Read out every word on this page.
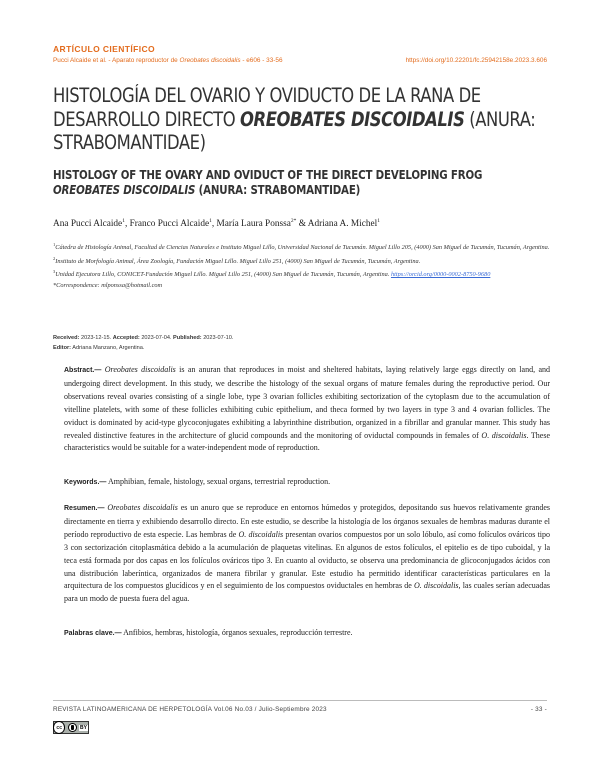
ARTÍCULO CIENTÍFICO
Pucci Alcaide et al. - Aparato reproductor de Oreobates discoidalis - e606 - 33-56	https://doi.org/10.22201/fc.25942158e.2023.3.606
HISTOLOGÍA DEL OVARIO Y OVIDUCTO DE LA RANA DE DESARROLLO DIRECTO OREOBATES DISCOIDALIS (ANURA: STRABOMANTIDAE)
HISTOLOGY OF THE OVARY AND OVIDUCT OF THE DIRECT DEVELOPING FROG OREOBATES DISCOIDALIS (ANURA: STRABOMANTIDAE)
Ana Pucci Alcaide$^1$, Franco Pucci Alcaide$^1$, María Laura Ponssa$^{2*}$ & Adriana A. Michel$^1$

$^1$Cátedra de Histología Animal, Facultad de Ciencias Naturales e Instituto Miguel Lillo, Universidad Nacional de Tucumán. Miguel Lillo 205, (4000) San Miguel de Tucumán, Tucumán, Argentina.

$^2$Instituto de Morfología Animal, Área Zoología, Fundación Miguel Lillo. Miguel Lillo 251, (4000) San Miguel de Tucumán, Tucumán, Argentina.

$^3$Unidad Ejecutora Lillo, CONICET-Fundación Miguel Lillo. Miguel Lillo 251, (4000) San Miguel de Tucumán, Tucumán, Argentina. https://orcid.org/0000-0002-8750-9680

*Correspondence: mlponssa@hotmail.com

Received: 2023-12-15. Accepted: 2023-07-04. Published: 2023-07-10.

Editor: Adriana Manzano, Argentina.

Abstract.— Oreobates discoidalis is an anuran that reproduces in moist and sheltered habitats, laying relatively large eggs directly on land, and undergoing direct development. In this study, we describe the histology of the sexual organs of mature females during the reproductive period. Our observations reveal ovaries consisting of a single lobe, type 3 ovarian follicles exhibiting sectorization of the cytoplasm due to the accumulation of vitelline platelets, with some of these follicles exhibiting cubic epithelium, and theca formed by two layers in type 3 and 4 ovarian follicles. The oviduct is dominated by acid-type glycoconjugates exhibiting a labyrinthine distribution, organized in a fibrillar and granular manner. This study has revealed distinctive features in the architecture of glucid compounds and the monitoring of oviductal compounds in females of O. discoidalis. These characteristics would be suitable for a water-independent mode of reproduction.

Keywords.— Amphibian, female, histology, sexual organs, terrestrial reproduction.

Resumen.— Oreobates discoidalis es un anuro que se reproduce en entornos húmedos y protegidos, depositando sus huevos relativamente grandes directamente en tierra y exhibiendo desarrollo directo. En este estudio, se describe la histología de los órganos sexuales de hembras maduras durante el período reproductivo de esta especie. Las hembras de O. discoidalis presentan ovarios compuestos por un solo lóbulo, así como folículos ováricos tipo 3 con sectorización citoplasmática debido a la acumulación de plaquetas vitelinas. En algunos de estos folículos, el epitelio es de tipo cuboidal, y la teca está formada por dos capas en los folículos ováricos tipo 3. En cuanto al oviducto, se observa una predominancia de glicoconjugados ácidos con una distribución laberíntica, organizados de manera fibrilar y granular. Este estudio ha permitido identificar características particulares en la arquitectura de los compuestos glucídicos y en el seguimiento de los compuestos oviductales en hembras de O. discoidalis, las cuales serían adecuadas para un modo de puesta fuera del agua.

Palabras clave.— Anfibios, hembras, histología, órganos sexuales, reproducción terrestre.

REVISTA LATINOAMERICANA DE HERPETOLOGÍA Vol.06 No.03 / Julio-Septiembre 2023	- 33 -
cc	BY
